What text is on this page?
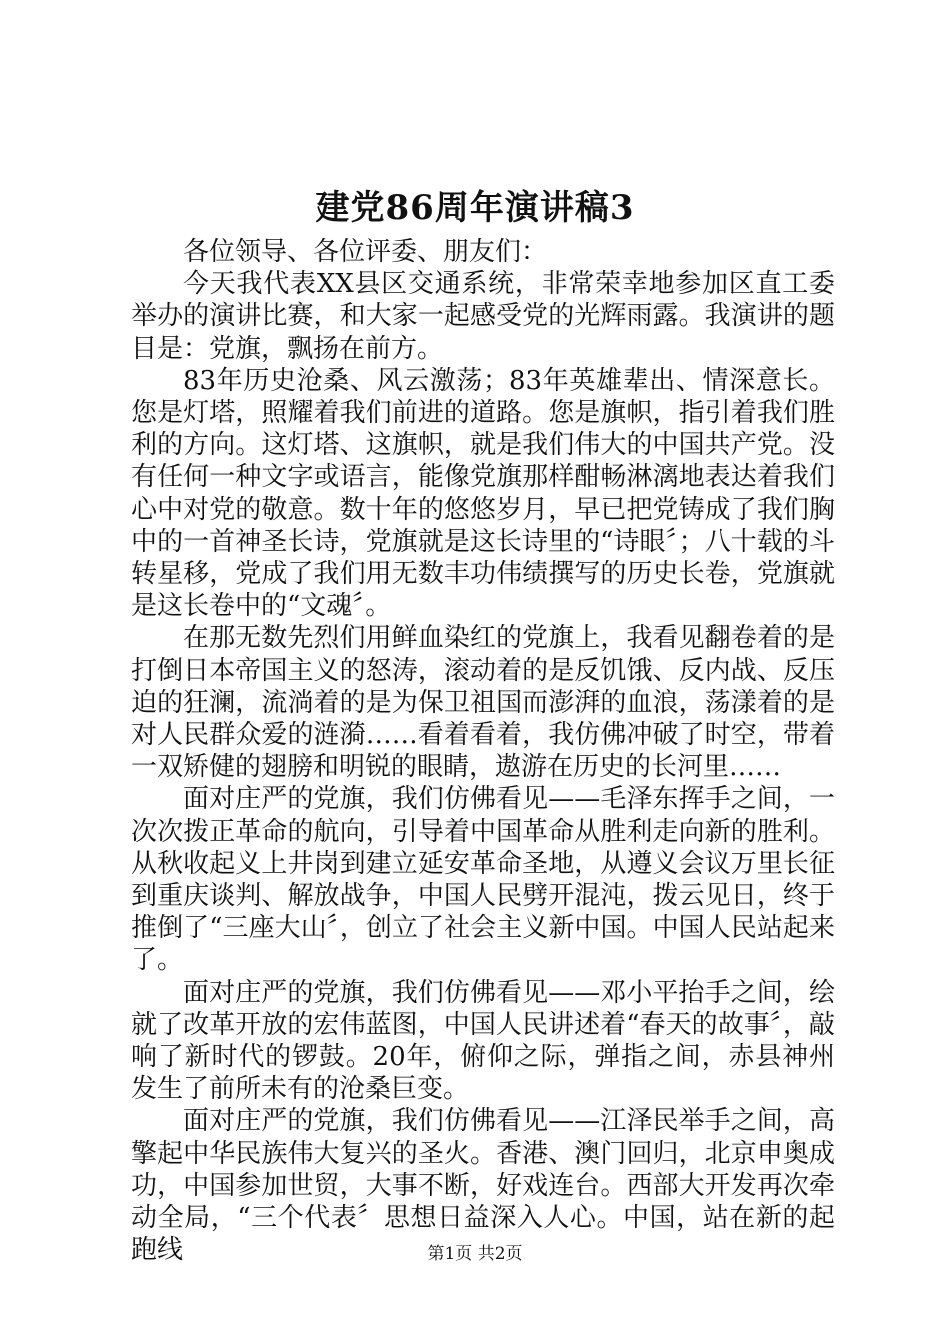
建党86周年演讲稿3

各位领导、各位评委、朋友们：

今天我代表XX县区交通系统，非常荣幸地参加区直工委举办的演讲比赛，和大家一起感受党的光辉雨露。我演讲的题目是：党旗，飘扬在前方。

83年历史沧桑、风云激荡；83年英雄辈出、情深意长。您是灯塔，照耀着我们前进的道路。您是旗帜，指引着我们胜利的方向。这灯塔、这旗帜，就是我们伟大的中国共产党。没有任何一种文字或语言，能像党旗那样酣畅淋漓地表达着我们心中对党的敬意。数十年的悠悠岁月，早已把党铸成了我们胸中的一首神圣长诗，党旗就是这长诗里的“诗眼〞；八十载的斗转星移，党成了我们用无数丰功伟绩撰写的历史长卷，党旗就是这长卷中的“文魂〞。

在那无数先烈们用鲜血染红的党旗上，我看见翻卷着的是打倒日本帝国主义的怒涛，滚动着的是反饥饿、反内战、反压迫的狂澜，流淌着的是为保卫祖国而澎湃的血浪，荡漾着的是对人民群众爱的涟漪……看着看着，我仿佛冲破了时空，带着一双矫健的翅膀和明锐的眼睛，遨游在历史的长河里……

面对庄严的党旗，我们仿佛看见——毛泽东挥手之间，一次次拨正革命的航向，引导着中国革命从胜利走向新的胜利。从秋收起义上井岗到建立延安革命圣地，从遵义会议万里长征到重庆谈判、解放战争，中国人民劈开混沌，拨云见日，终于推倒了“三座大山〞，创立了社会主义新中国。中国人民站起来了。

面对庄严的党旗，我们仿佛看见——邓小平抬手之间，绘就了改革开放的宏伟蓝图，中国人民讲述着“春天的故事〞，敲响了新时代的锣鼓。20年，俯仰之际，弹指之间，赤县神州发生了前所未有的沧桑巨变。

面对庄严的党旗，我们仿佛看见——江泽民举手之间，高擎起中华民族伟大复兴的圣火。香港、澳门回归，北京申奥成功，中国参加世贸，大事不断，好戏连台。西部大开发再次牵动全局，“三个代表〞思想日益深入人心。中国，站在新的起跑线	第1页 共2页
